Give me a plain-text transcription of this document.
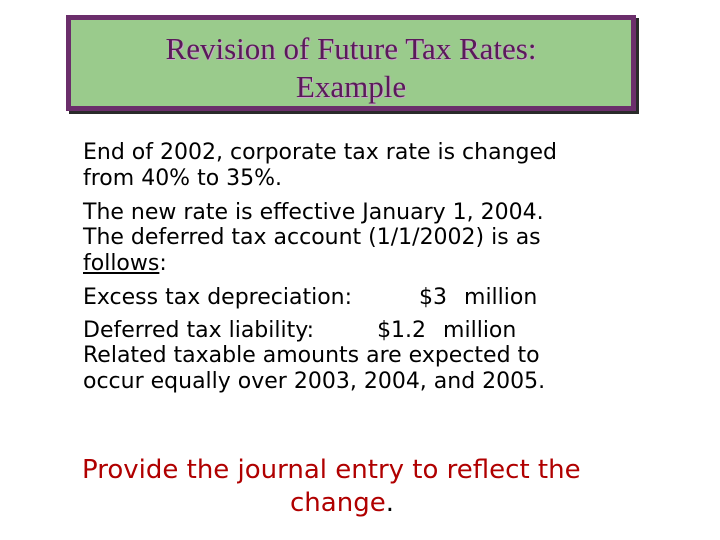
Revision of Future Tax Rates:

Example

End of 2002, corporate tax rate is changed
from 40% to 35%.
The new rate is effective January 1, 2004.
The deferred tax account (1/1/2002) is as
follows:
Excess tax depreciation:	$3 million
Deferred tax liability:	$1.2 million
Related taxable amounts are expected to
occur equally over 2003, 2004, and 2005.
Provide the journal entry to reflect the
change.
